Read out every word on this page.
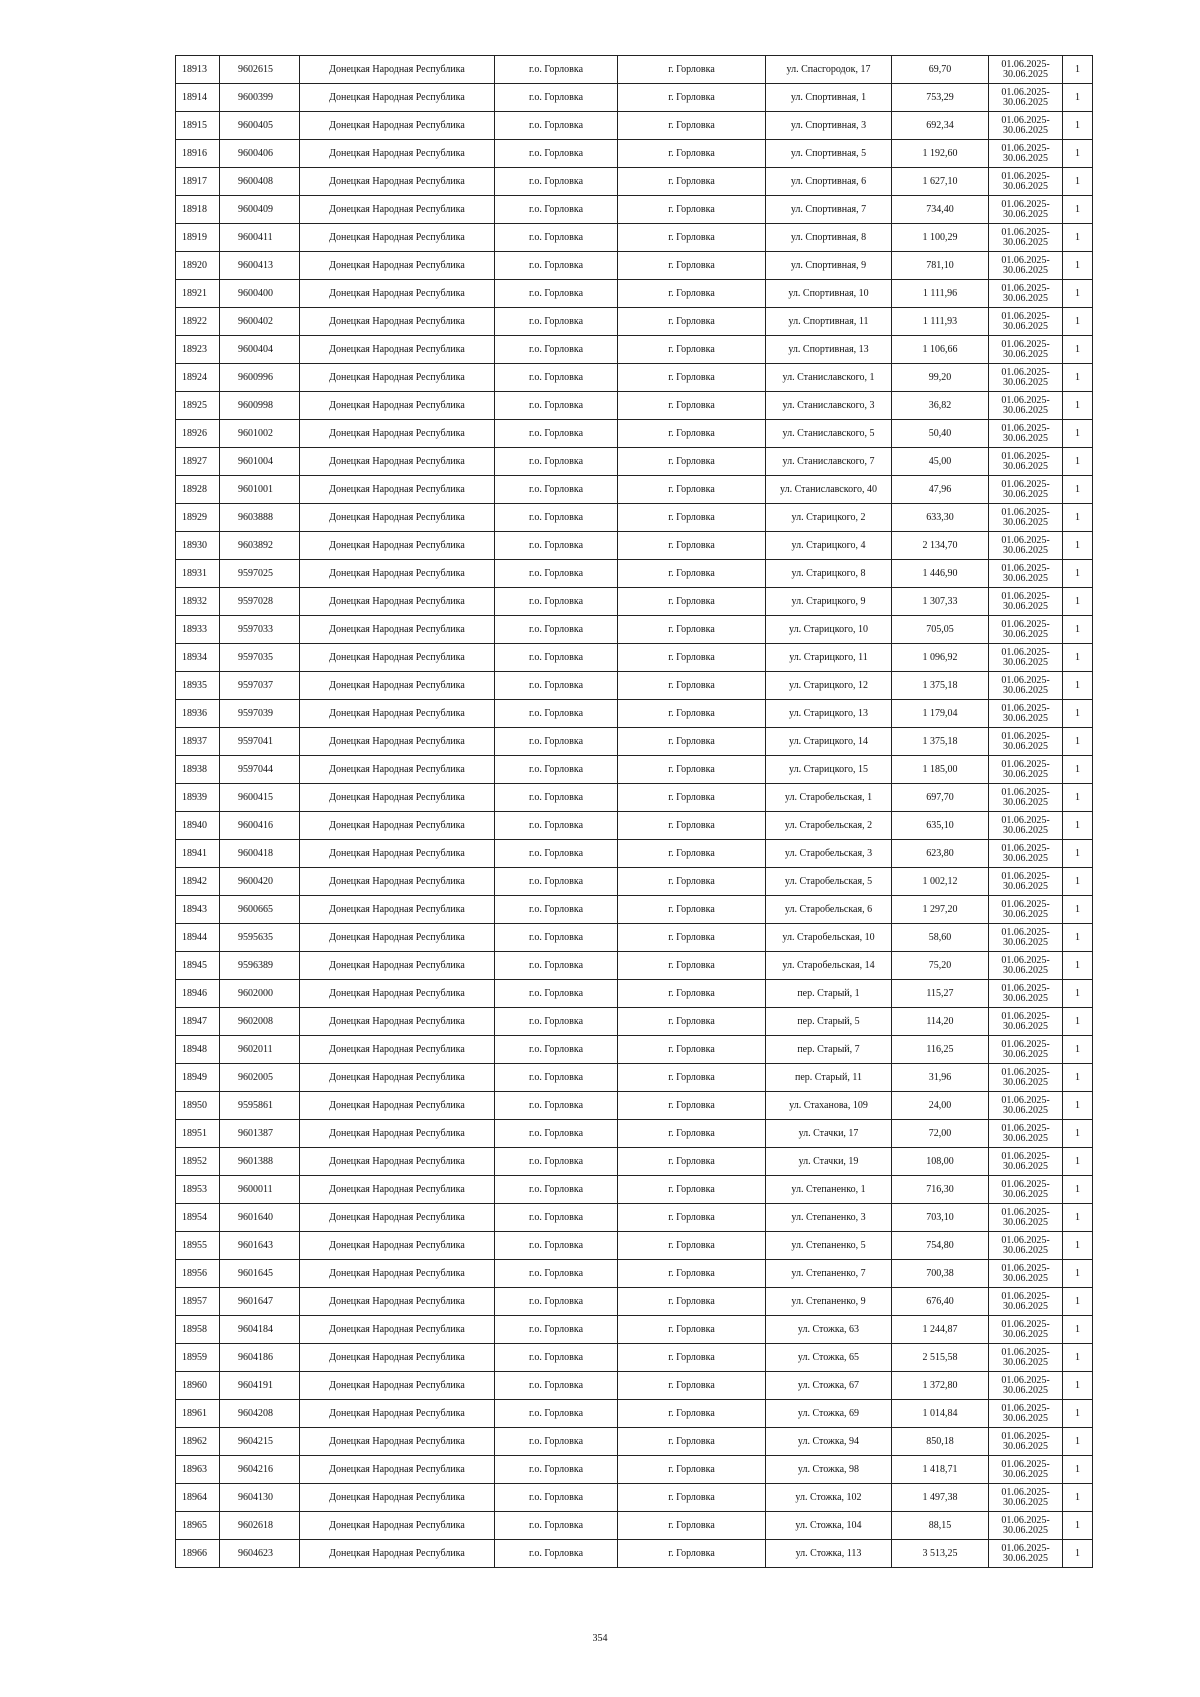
18913	9602615	Донецкая Народная Республика	г.о. Горловка	г. Горловка	ул. Спасгородок, 17	69,70	01.06.2025-
30.06.2025	1
18914	9600399	Донецкая Народная Республика	г.о. Горловка	г. Горловка	ул. Спортивная, 1	753,29	01.06.2025-
30.06.2025	1
18915	9600405	Донецкая Народная Республика	г.о. Горловка	г. Горловка	ул. Спортивная, 3	692,34	01.06.2025-
30.06.2025	1
18916	9600406	Донецкая Народная Республика	г.о. Горловка	г. Горловка	ул. Спортивная, 5	1 192,60	01.06.2025-
30.06.2025	1
18917	9600408	Донецкая Народная Республика	г.о. Горловка	г. Горловка	ул. Спортивная, 6	1 627,10	01.06.2025-
30.06.2025	1
18918	9600409	Донецкая Народная Республика	г.о. Горловка	г. Горловка	ул. Спортивная, 7	734,40	01.06.2025-
30.06.2025	1
18919	9600411	Донецкая Народная Республика	г.о. Горловка	г. Горловка	ул. Спортивная, 8	1 100,29	01.06.2025-
30.06.2025	1
18920	9600413	Донецкая Народная Республика	г.о. Горловка	г. Горловка	ул. Спортивная, 9	781,10	01.06.2025-
30.06.2025	1
18921	9600400	Донецкая Народная Республика	г.о. Горловка	г. Горловка	ул. Спортивная, 10	1 111,96	01.06.2025-
30.06.2025	1
18922	9600402	Донецкая Народная Республика	г.о. Горловка	г. Горловка	ул. Спортивная, 11	1 111,93	01.06.2025-
30.06.2025	1
18923	9600404	Донецкая Народная Республика	г.о. Горловка	г. Горловка	ул. Спортивная, 13	1 106,66	01.06.2025-
30.06.2025	1
18924	9600996	Донецкая Народная Республика	г.о. Горловка	г. Горловка	ул. Станиславского, 1	99,20	01.06.2025-
30.06.2025	1
18925	9600998	Донецкая Народная Республика	г.о. Горловка	г. Горловка	ул. Станиславского, 3	36,82	01.06.2025-
30.06.2025	1
18926	9601002	Донецкая Народная Республика	г.о. Горловка	г. Горловка	ул. Станиславского, 5	50,40	01.06.2025-
30.06.2025	1
18927	9601004	Донецкая Народная Республика	г.о. Горловка	г. Горловка	ул. Станиславского, 7	45,00	01.06.2025-
30.06.2025	1
18928	9601001	Донецкая Народная Республика	г.о. Горловка	г. Горловка	ул. Станиславского, 40	47,96	01.06.2025-
30.06.2025	1
18929	9603888	Донецкая Народная Республика	г.о. Горловка	г. Горловка	ул. Старицкого, 2	633,30	01.06.2025-
30.06.2025	1
18930	9603892	Донецкая Народная Республика	г.о. Горловка	г. Горловка	ул. Старицкого, 4	2 134,70	01.06.2025-
30.06.2025	1
18931	9597025	Донецкая Народная Республика	г.о. Горловка	г. Горловка	ул. Старицкого, 8	1 446,90	01.06.2025-
30.06.2025	1
18932	9597028	Донецкая Народная Республика	г.о. Горловка	г. Горловка	ул. Старицкого, 9	1 307,33	01.06.2025-
30.06.2025	1
18933	9597033	Донецкая Народная Республика	г.о. Горловка	г. Горловка	ул. Старицкого, 10	705,05	01.06.2025-
30.06.2025	1
18934	9597035	Донецкая Народная Республика	г.о. Горловка	г. Горловка	ул. Старицкого, 11	1 096,92	01.06.2025-
30.06.2025	1
18935	9597037	Донецкая Народная Республика	г.о. Горловка	г. Горловка	ул. Старицкого, 12	1 375,18	01.06.2025-
30.06.2025	1
18936	9597039	Донецкая Народная Республика	г.о. Горловка	г. Горловка	ул. Старицкого, 13	1 179,04	01.06.2025-
30.06.2025	1
18937	9597041	Донецкая Народная Республика	г.о. Горловка	г. Горловка	ул. Старицкого, 14	1 375,18	01.06.2025-
30.06.2025	1
18938	9597044	Донецкая Народная Республика	г.о. Горловка	г. Горловка	ул. Старицкого, 15	1 185,00	01.06.2025-
30.06.2025	1
18939	9600415	Донецкая Народная Республика	г.о. Горловка	г. Горловка	ул. Старобельская, 1	697,70	01.06.2025-
30.06.2025	1
18940	9600416	Донецкая Народная Республика	г.о. Горловка	г. Горловка	ул. Старобельская, 2	635,10	01.06.2025-
30.06.2025	1
18941	9600418	Донецкая Народная Республика	г.о. Горловка	г. Горловка	ул. Старобельская, 3	623,80	01.06.2025-
30.06.2025	1
18942	9600420	Донецкая Народная Республика	г.о. Горловка	г. Горловка	ул. Старобельская, 5	1 002,12	01.06.2025-
30.06.2025	1
18943	9600665	Донецкая Народная Республика	г.о. Горловка	г. Горловка	ул. Старобельская, 6	1 297,20	01.06.2025-
30.06.2025	1
18944	9595635	Донецкая Народная Республика	г.о. Горловка	г. Горловка	ул. Старобельская, 10	58,60	01.06.2025-
30.06.2025	1
18945	9596389	Донецкая Народная Республика	г.о. Горловка	г. Горловка	ул. Старобельская, 14	75,20	01.06.2025-
30.06.2025	1
18946	9602000	Донецкая Народная Республика	г.о. Горловка	г. Горловка	пер. Старый, 1	115,27	01.06.2025-
30.06.2025	1
18947	9602008	Донецкая Народная Республика	г.о. Горловка	г. Горловка	пер. Старый, 5	114,20	01.06.2025-
30.06.2025	1
18948	9602011	Донецкая Народная Республика	г.о. Горловка	г. Горловка	пер. Старый, 7	116,25	01.06.2025-
30.06.2025	1
18949	9602005	Донецкая Народная Республика	г.о. Горловка	г. Горловка	пер. Старый, 11	31,96	01.06.2025-
30.06.2025	1
18950	9595861	Донецкая Народная Республика	г.о. Горловка	г. Горловка	ул. Стаханова, 109	24,00	01.06.2025-
30.06.2025	1
18951	9601387	Донецкая Народная Республика	г.о. Горловка	г. Горловка	ул. Стачки, 17	72,00	01.06.2025-
30.06.2025	1
18952	9601388	Донецкая Народная Республика	г.о. Горловка	г. Горловка	ул. Стачки, 19	108,00	01.06.2025-
30.06.2025	1
18953	9600011	Донецкая Народная Республика	г.о. Горловка	г. Горловка	ул. Степаненко, 1	716,30	01.06.2025-
30.06.2025	1
18954	9601640	Донецкая Народная Республика	г.о. Горловка	г. Горловка	ул. Степаненко, 3	703,10	01.06.2025-
30.06.2025	1
18955	9601643	Донецкая Народная Республика	г.о. Горловка	г. Горловка	ул. Степаненко, 5	754,80	01.06.2025-
30.06.2025	1
18956	9601645	Донецкая Народная Республика	г.о. Горловка	г. Горловка	ул. Степаненко, 7	700,38	01.06.2025-
30.06.2025	1
18957	9601647	Донецкая Народная Республика	г.о. Горловка	г. Горловка	ул. Степаненко, 9	676,40	01.06.2025-
30.06.2025	1
18958	9604184	Донецкая Народная Республика	г.о. Горловка	г. Горловка	ул. Стожка, 63	1 244,87	01.06.2025-
30.06.2025	1
18959	9604186	Донецкая Народная Республика	г.о. Горловка	г. Горловка	ул. Стожка, 65	2 515,58	01.06.2025-
30.06.2025	1
18960	9604191	Донецкая Народная Республика	г.о. Горловка	г. Горловка	ул. Стожка, 67	1 372,80	01.06.2025-
30.06.2025	1
18961	9604208	Донецкая Народная Республика	г.о. Горловка	г. Горловка	ул. Стожка, 69	1 014,84	01.06.2025-
30.06.2025	1
18962	9604215	Донецкая Народная Республика	г.о. Горловка	г. Горловка	ул. Стожка, 94	850,18	01.06.2025-
30.06.2025	1
18963	9604216	Донецкая Народная Республика	г.о. Горловка	г. Горловка	ул. Стожка, 98	1 418,71	01.06.2025-
30.06.2025	1
18964	9604130	Донецкая Народная Республика	г.о. Горловка	г. Горловка	ул. Стожка, 102	1 497,38	01.06.2025-
30.06.2025	1
18965	9602618	Донецкая Народная Республика	г.о. Горловка	г. Горловка	ул. Стожка, 104	88,15	01.06.2025-
30.06.2025	1
18966	9604623	Донецкая Народная Республика	г.о. Горловка	г. Горловка	ул. Стожка, 113	3 513,25	01.06.2025-
30.06.2025	1
354
